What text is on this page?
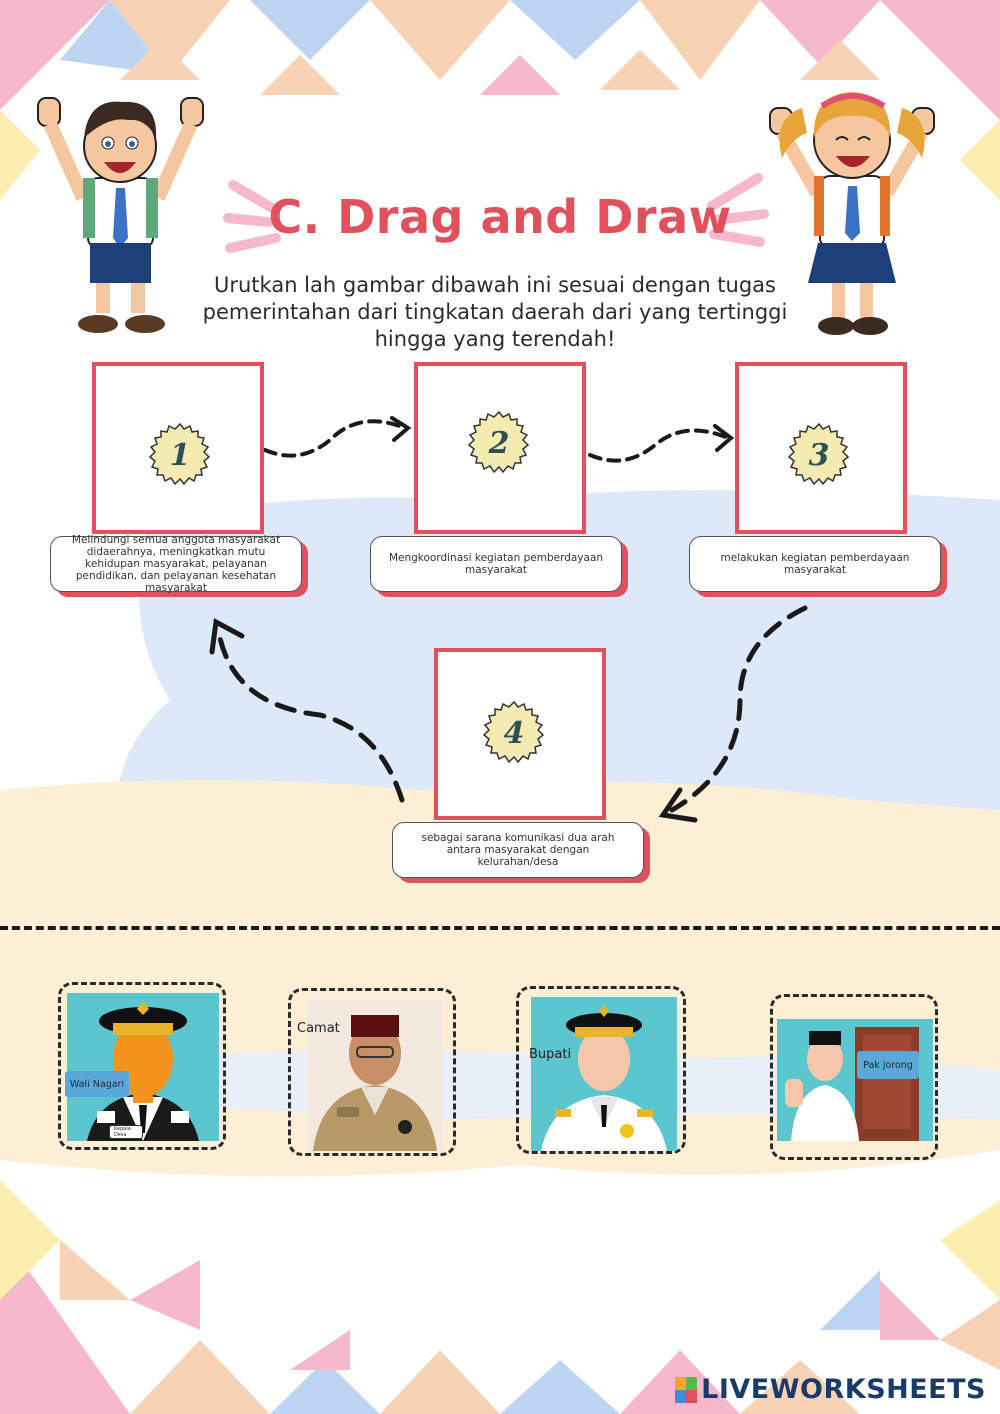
C. Drag and Draw
Urutkan lah gambar dibawah ini sesuai dengan tugas pemerintahan dari tingkatan daerah dari yang tertinggi hingga yang terendah!
1
Melindungi semua anggota masyarakat didaerahnya, meningkatkan mutu kehidupan masyarakat, pelayanan pendidikan, dan pelayanan kesehatan masyarakat
2
Mengkoordinasi kegiatan pemberdayaan masyarakat
3
melakukan kegiatan pemberdayaan masyarakat
4
sebagai sarana komunikasi dua arah antara masyarakat dengan kelurahan/desa
Wali Nagari
Kepala Desa
Camat
Bupati
Pak jorong
LIVEWORKSHEETS
